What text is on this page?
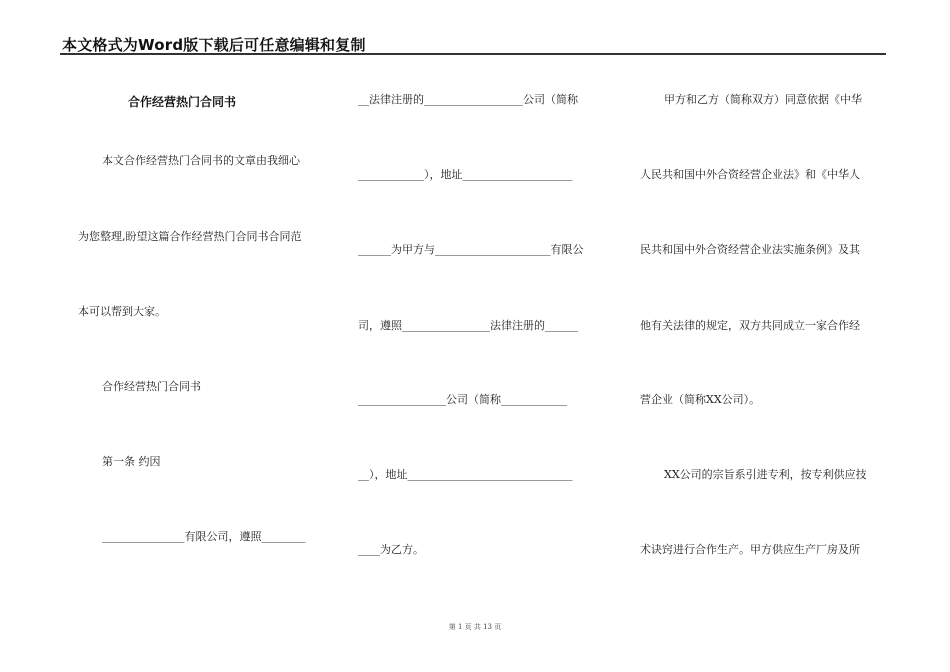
本文格式为Word版下载后可任意编辑和复制
合作经营热门合同书
本文合作经营热门合同书的文章由我细心
为您整理,盼望这篇合作经营热门合同书合同范
本可以帮到大家。
合作经营热门合同书
第一条 约因
_______________有限公司，遵照________
__法律注册的__________________公司（简称
____________），地址____________________
______为甲方与_____________________有限公
司，遵照________________法律注册的______
________________公司（简称____________
__），地址______________________________
____为乙方。
甲方和乙方（简称双方）同意依据《中华
人民共和国中外合资经营企业法》和《中华人
民共和国中外合资经营企业法实施条例》及其
他有关法律的规定，双方共同成立一家合作经
营企业（简称XX公司）。
XX公司的宗旨系引进专利，按专利供应技
术诀窍进行合作生产。甲方供应生产厂房及所
第 1 页 共 13 页
